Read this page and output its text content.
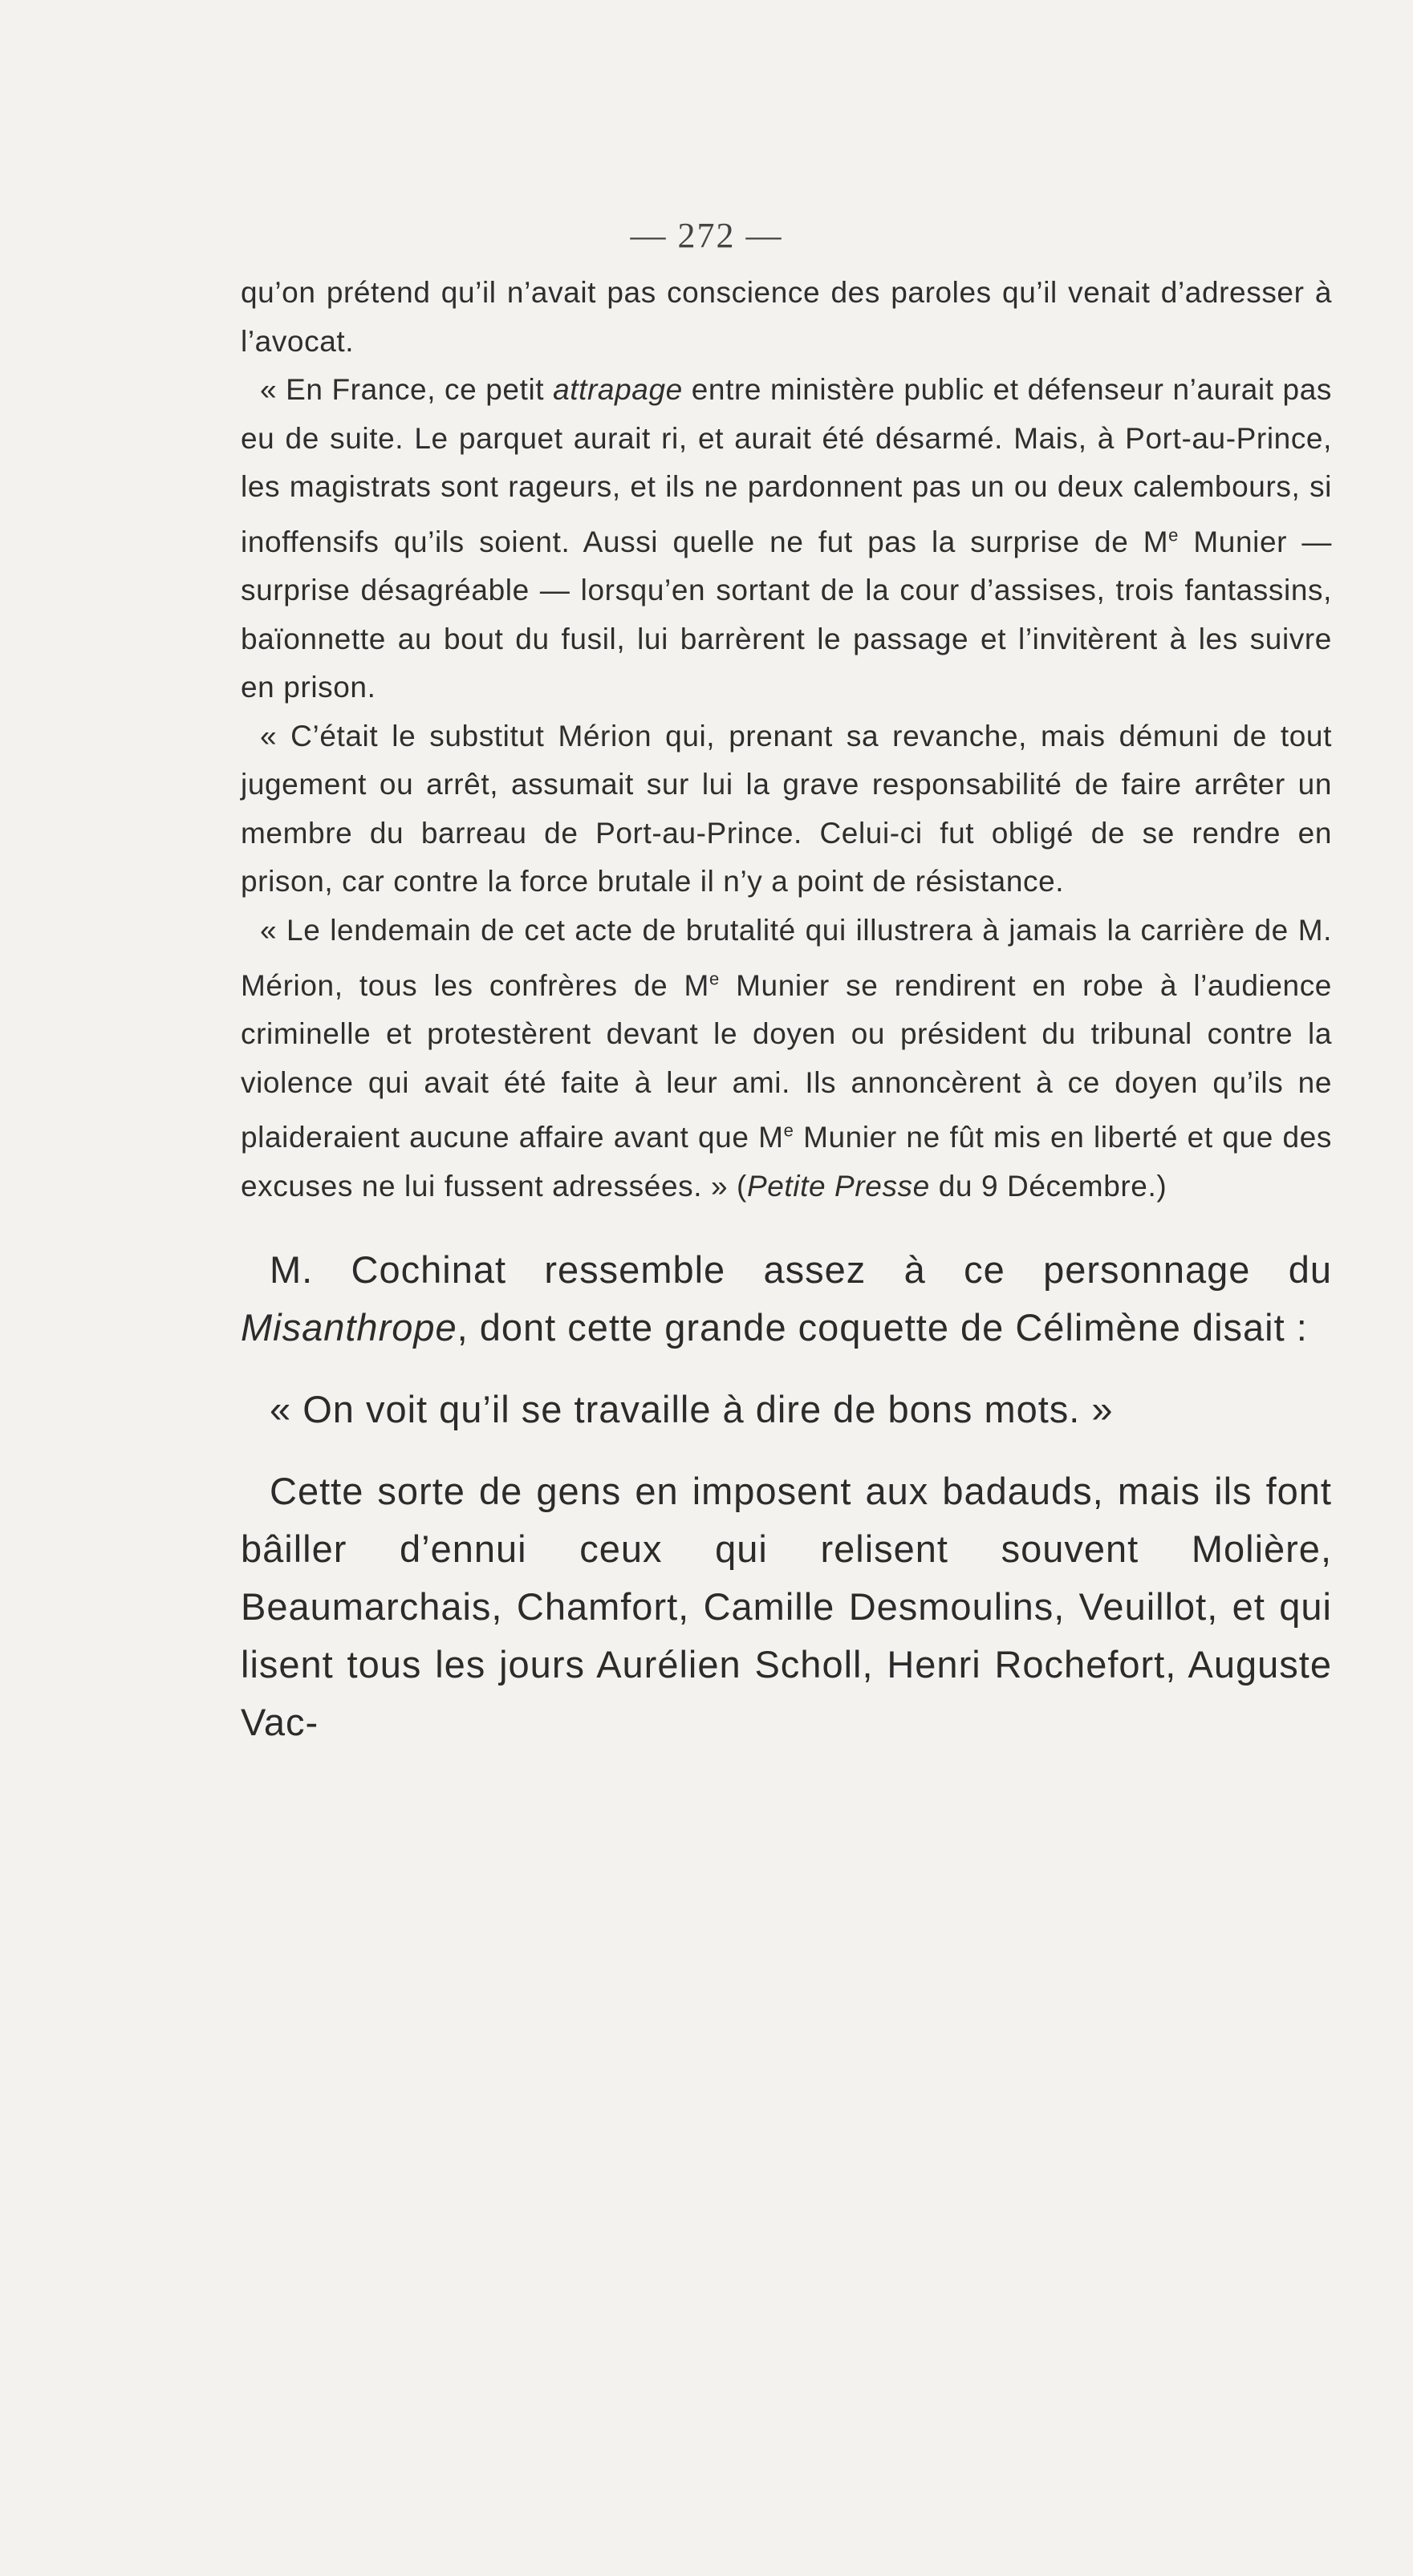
— 272 —

qu’on prétend qu’il n’avait pas conscience des paroles qu’il venait d’adresser à l’avocat.

« En France, ce petit attrapage entre ministère public et défenseur n’aurait pas eu de suite. Le parquet aurait ri, et aurait été désarmé. Mais, à Port-au-Prince, les magistrats sont rageurs, et ils ne pardonnent pas un ou deux calembours, si inoffensifs qu’ils soient. Aussi quelle ne fut pas la surprise de Me Munier — surprise désagréable — lorsqu’en sortant de la cour d’assises, trois fantassins, baïonnette au bout du fusil, lui barrèrent le passage et l’invitèrent à les suivre en prison.

« C’était le substitut Mérion qui, prenant sa revanche, mais démuni de tout jugement ou arrêt, assumait sur lui la grave responsabilité de faire arrêter un membre du barreau de Port-au-Prince. Celui-ci fut obligé de se rendre en prison, car contre la force brutale il n’y a point de résistance.

« Le lendemain de cet acte de brutalité qui illustrera à jamais la carrière de M. Mérion, tous les confrères de Me Munier se rendirent en robe à l’audience criminelle et protestèrent devant le doyen ou président du tribunal contre la violence qui avait été faite à leur ami. Ils annoncèrent à ce doyen qu’ils ne plaideraient aucune affaire avant que Me Munier ne fût mis en liberté et que des excuses ne lui fussent adressées. » (Petite Presse du 9 Décembre.)

M. Cochinat ressemble assez à ce personnage du Misanthrope, dont cette grande coquette de Célimène disait :

« On voit qu’il se travaille à dire de bons mots. »

Cette sorte de gens en imposent aux badauds, mais ils font bâiller d’ennui ceux qui relisent souvent Molière, Beaumarchais, Chamfort, Camille Desmoulins, Veuillot, et qui lisent tous les jours Aurélien Scholl, Henri Rochefort, Auguste Vac-
